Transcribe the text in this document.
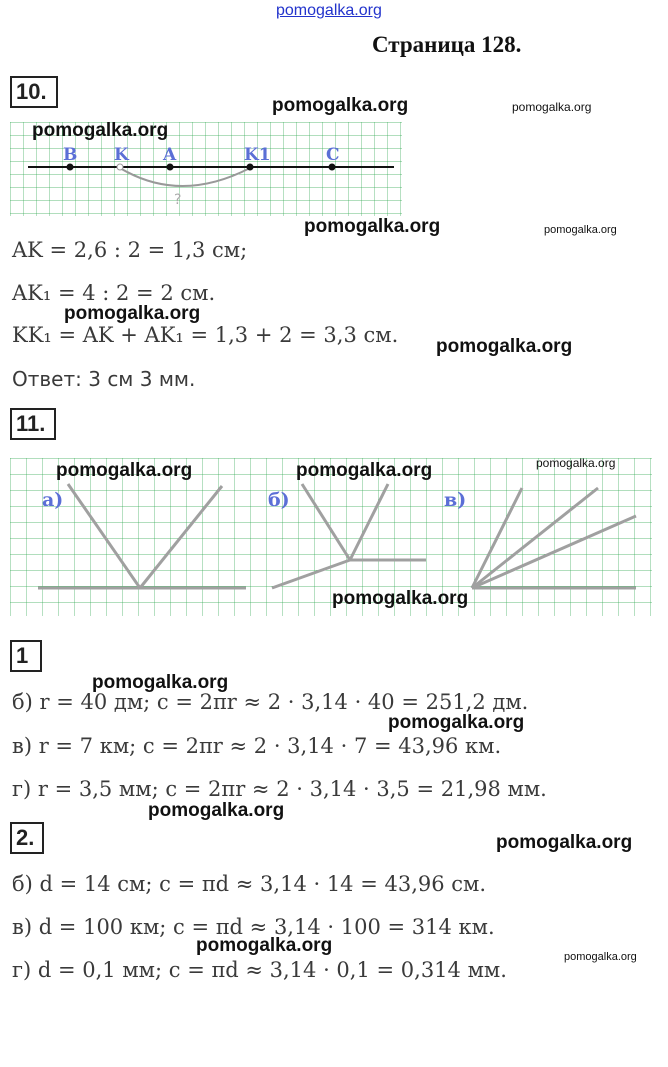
pomogalka.org
Страница 128.
10.
B K A	K1	C
?
AK = 2,6 : 2 = 1,3 см;
AK₁ = 4 : 2 = 2 см.
KK₁ = AK + AK₁ = 1,3 + 2 = 3,3 см.
Ответ: 3 см 3 мм.
11.
а)	б)	в)
1
б) r = 40 дм; c = 2πr ≈ 2 · 3,14 · 40 = 251,2 дм.
в) r = 7 км; c = 2πr ≈ 2 · 3,14 · 7 = 43,96 км.
г) r = 3,5 мм; c = 2πr ≈ 2 · 3,14 · 3,5 = 21,98 мм.
2.
б) d = 14 см; c = πd ≈ 3,14 · 14 = 43,96 см.
в) d = 100 км; c = πd ≈ 3,14 · 100 = 314 км.
г) d = 0,1 мм; c = πd ≈ 3,14 · 0,1 = 0,314 мм.
pomogalka.org	pomogalka.org
pomogalka.org
pomogalka.org	pomogalka.org
pomogalka.org
pomogalka.org
pomogalka.org	pomogalka.org	pomogalka.org
pomogalka.org
pomogalka.org
pomogalka.org
pomogalka.org
pomogalka.org
pomogalka.org
pomogalka.org
